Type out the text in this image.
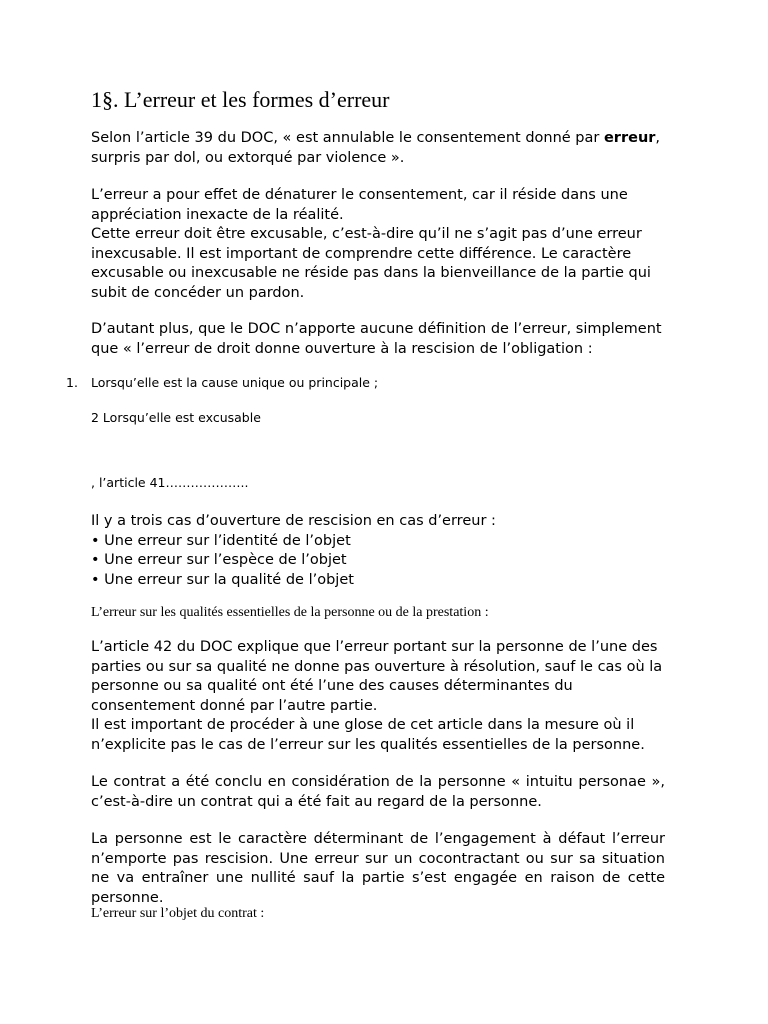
1§. L’erreur et les formes d’erreur

Selon l’article 39 du DOC, « est annulable le consentement donné par erreur, surpris par dol, ou extorqué par violence ».

L’erreur a pour effet de dénaturer le consentement, car il réside dans une appréciation inexacte de la réalité.
Cette erreur doit être excusable, c’est-à-dire qu’il ne s’agit pas d’une erreur inexcusable. Il est important de comprendre cette différence. Le caractère excusable ou inexcusable ne réside pas dans la bienveillance de la partie qui subit de concéder un pardon.

D’autant plus, que le DOC n’apporte aucune définition de l’erreur, simplement que « l’erreur de droit donne ouverture à la rescision de l’obligation :

1. Lorsqu’elle est la cause unique ou principale ;

2 Lorsqu’elle est excusable

, l’article 41………………..

Il y a trois cas d’ouverture de rescision en cas d’erreur :
• Une erreur sur l’identité de l’objet
• Une erreur sur l’espèce de l’objet
• Une erreur sur la qualité de l’objet

L’erreur sur les qualités essentielles de la personne ou de la prestation :

L’article 42 du DOC explique que l’erreur portant sur la personne de l’une des parties ou sur sa qualité ne donne pas ouverture à résolution, sauf le cas où la personne ou sa qualité ont été l’une des causes déterminantes du consentement donné par l’autre partie.
Il est important de procéder à une glose de cet article dans la mesure où il n’explicite pas le cas de l’erreur sur les qualités essentielles de la personne.

Le contrat a été conclu en considération de la personne « intuitu personae », c’est-à-dire un contrat qui a été fait au regard de la personne.

La personne est le caractère déterminant de l’engagement à défaut l’erreur n’emporte pas rescision. Une erreur sur un cocontractant ou sur sa situation ne va entraîner une nullité sauf la partie s’est engagée en raison de cette personne.

L’erreur sur l’objet du contrat :
